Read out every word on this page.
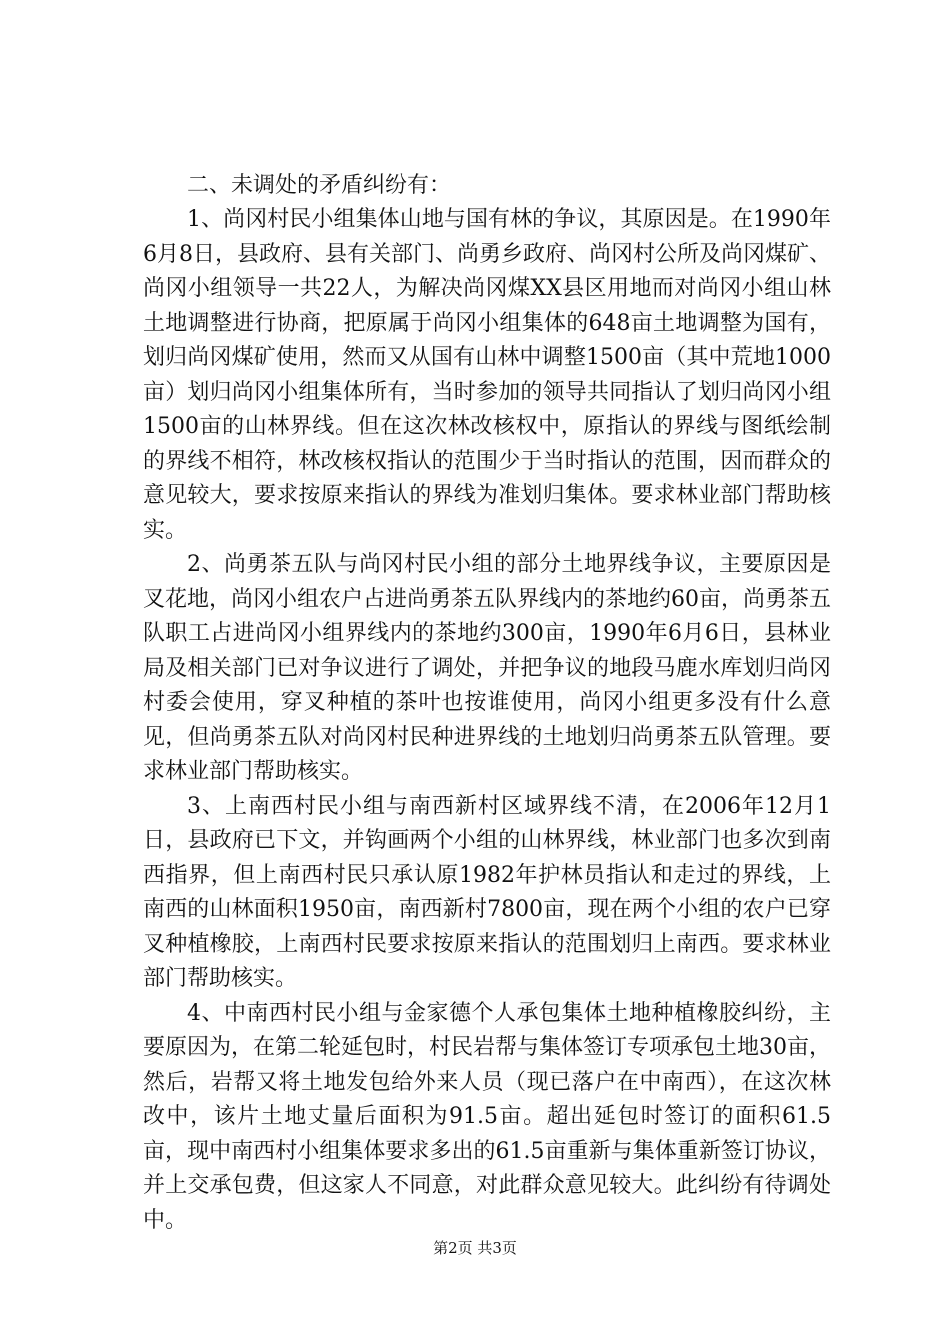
二、未调处的矛盾纠纷有：

1、尚冈村民小组集体山地与国有林的争议，其原因是。在1990年6月8日，县政府、县有关部门、尚勇乡政府、尚冈村公所及尚冈煤矿、尚冈小组领导一共22人，为解决尚冈煤XX县区用地而对尚冈小组山林土地调整进行协商，把原属于尚冈小组集体的648亩土地调整为国有，划归尚冈煤矿使用，然而又从国有山林中调整1500亩（其中荒地1000亩）划归尚冈小组集体所有，当时参加的领导共同指认了划归尚冈小组1500亩的山林界线。但在这次林改核权中，原指认的界线与图纸绘制的界线不相符，林改核权指认的范围少于当时指认的范围，因而群众的意见较大，要求按原来指认的界线为准划归集体。要求林业部门帮助核实。

2、尚勇茶五队与尚冈村民小组的部分土地界线争议，主要原因是叉花地，尚冈小组农户占进尚勇茶五队界线内的茶地约60亩，尚勇茶五队职工占进尚冈小组界线内的茶地约300亩，1990年6月6日，县林业局及相关部门已对争议进行了调处，并把争议的地段马鹿水库划归尚冈村委会使用，穿叉种植的茶叶也按谁使用，尚冈小组更多没有什么意见，但尚勇茶五队对尚冈村民种进界线的土地划归尚勇茶五队管理。要求林业部门帮助核实。

3、上南西村民小组与南西新村区域界线不清，在2006年12月1日，县政府已下文，并钩画两个小组的山林界线，林业部门也多次到南西指界，但上南西村民只承认原1982年护林员指认和走过的界线，上南西的山林面积1950亩，南西新村7800亩，现在两个小组的农户已穿叉种植橡胶，上南西村民要求按原来指认的范围划归上南西。要求林业部门帮助核实。

4、中南西村民小组与金家德个人承包集体土地种植橡胶纠纷，主要原因为，在第二轮延包时，村民岩帮与集体签订专项承包土地30亩，然后，岩帮又将土地发包给外来人员（现已落户在中南西），在这次林改中，该片土地丈量后面积为91.5亩。超出延包时签订的面积61.5亩，现中南西村小组集体要求多出的61.5亩重新与集体重新签订协议，并上交承包费，但这家人不同意，对此群众意见较大。此纠纷有待调处中。

第2页 共3页
